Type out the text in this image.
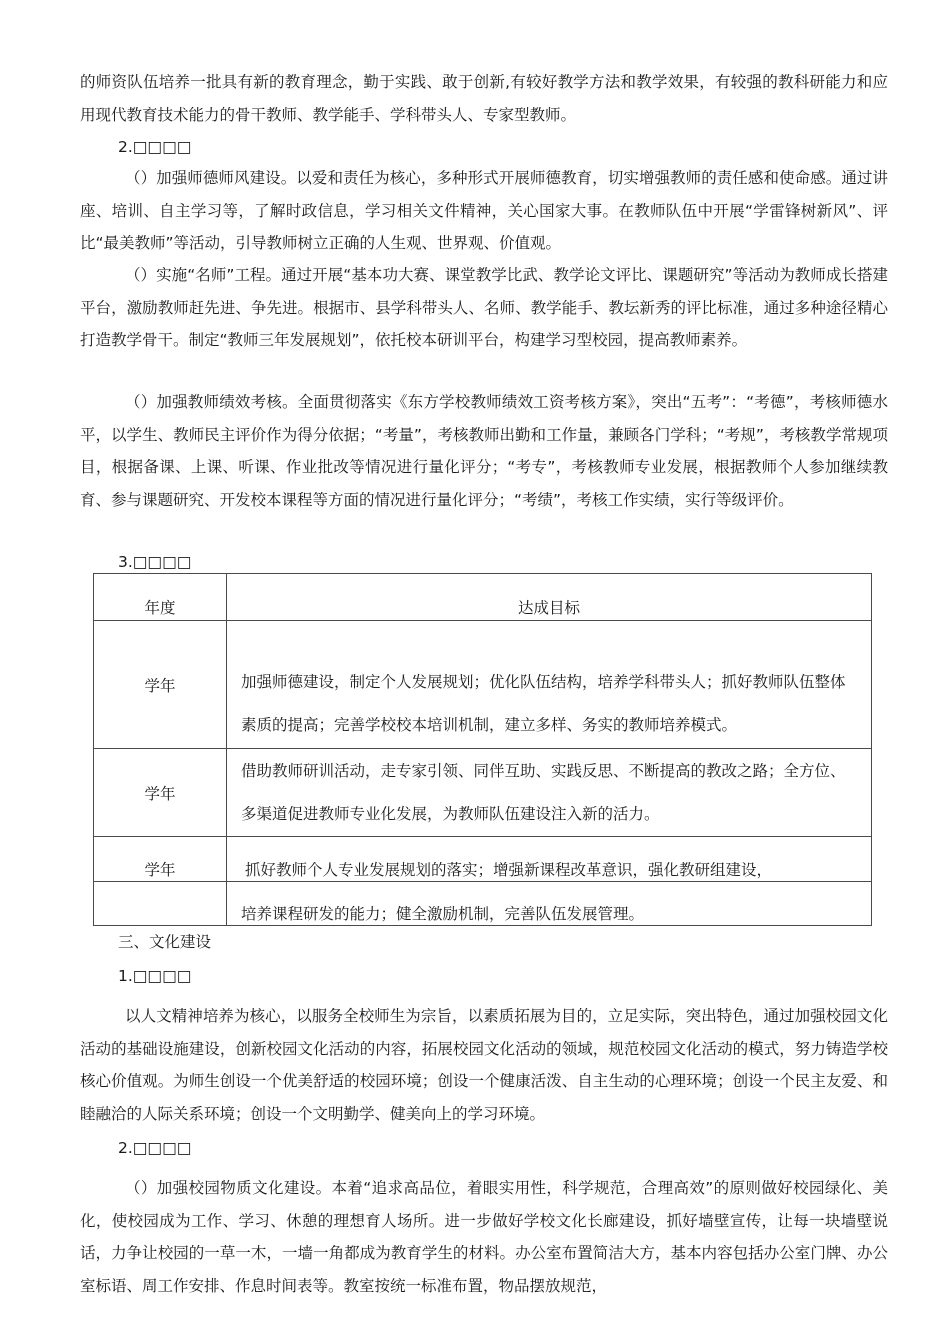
的师资队伍培养一批具有新的教育理念，勤于实践、敢于创新,有较好教学方法和教学效果，有较强的教科研能力和应用现代教育技术能力的骨干教师、教学能手、学科带头人、专家型教师。
2.□□□□
（）加强师德师风建设。以爱和责任为核心，多种形式开展师德教育，切实增强教师的责任感和使命感。通过讲座、培训、自主学习等，了解时政信息，学习相关文件精神，关心国家大事。在教师队伍中开展“学雷锋树新风”、评比“最美教师”等活动，引导教师树立正确的人生观、世界观、价值观。
（）实施“名师”工程。通过开展“基本功大赛、课堂教学比武、教学论文评比、课题研究”等活动为教师成长搭建平台，激励教师赶先进、争先进。根据市、县学科带头人、名师、教学能手、教坛新秀的评比标准，通过多种途径精心打造教学骨干。制定“教师三年发展规划”，依托校本研训平台，构建学习型校园，提高教师素养。
（）加强教师绩效考核。全面贯彻落实《东方学校教师绩效工资考核方案》，突出“五考”：“考德”，考核师德水平，以学生、教师民主评价作为得分依据；“考量”，考核教师出勤和工作量，兼顾各门学科；“考规”，考核教学常规项目，根据备课、上课、听课、作业批改等情况进行量化评分；“考专”，考核教师专业发展，根据教师个人参加继续教育、参与课题研究、开发校本课程等方面的情况进行量化评分；“考绩”，考核工作实绩，实行等级评价。
3.□□□□
年度	达成目标
学年	加强师德建设，制定个人发展规划；优化队伍结构，培养学科带头人；抓好教师队伍整体素质的提高；完善学校校本培训机制，建立多样、务实的教师培养模式。
学年	借助教师研训活动，走专家引领、同伴互助、实践反思、不断提高的教改之路；全方位、多渠道促进教师专业化发展，为教师队伍建设注入新的活力。
学年	抓好教师个人专业发展规划的落实；增强新课程改革意识，强化教研组建设，
	培养课程研发的能力；健全激励机制，完善队伍发展管理。
三、文化建设
1.□□□□
以人文精神培养为核心，以服务全校师生为宗旨，以素质拓展为目的，立足实际，突出特色，通过加强校园文化活动的基础设施建设，创新校园文化活动的内容，拓展校园文化活动的领域，规范校园文化活动的模式，努力铸造学校核心价值观。为师生创设一个优美舒适的校园环境；创设一个健康活泼、自主生动的心理环境；创设一个民主友爱、和睦融洽的人际关系环境；创设一个文明勤学、健美向上的学习环境。
2.□□□□
（）加强校园物质文化建设。本着“追求高品位，着眼实用性，科学规范，合理高效”的原则做好校园绿化、美化，使校园成为工作、学习、休憩的理想育人场所。进一步做好学校文化长廊建设，抓好墙壁宣传，让每一块墙壁说话，力争让校园的一草一木，一墙一角都成为教育学生的材料。办公室布置简洁大方，基本内容包括办公室门牌、办公室标语、周工作安排、作息时间表等。教室按统一标准布置，物品摆放规范，
